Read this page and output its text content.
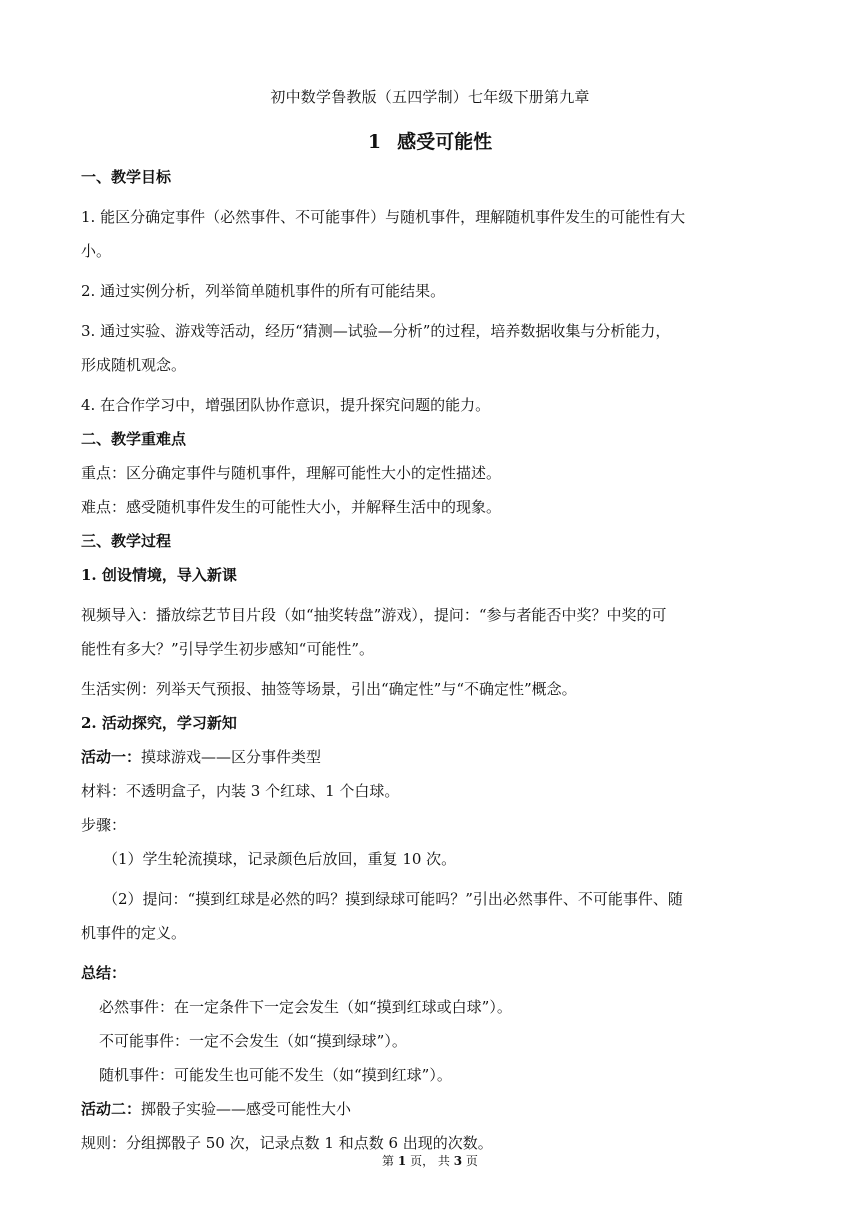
初中数学鲁教版（五四学制）七年级下册第九章
1 感受可能性
一、教学目标
1. 能区分确定事件（必然事件、不可能事件）与随机事件，理解随机事件发生的可能性有大
小。
2. 通过实例分析，列举简单随机事件的所有可能结果。
3. 通过实验、游戏等活动，经历“猜测—试验—分析”的过程，培养数据收集与分析能力，
形成随机观念。
4. 在合作学习中，增强团队协作意识，提升探究问题的能力。
二、教学重难点
重点：区分确定事件与随机事件，理解可能性大小的定性描述。
难点：感受随机事件发生的可能性大小，并解释生活中的现象。
三、教学过程
1. 创设情境，导入新课
视频导入：播放综艺节目片段（如“抽奖转盘”游戏），提问：“参与者能否中奖？中奖的可
能性有多大？”引导学生初步感知“可能性”。
生活实例：列举天气预报、抽签等场景，引出“确定性”与“不确定性”概念。
2. 活动探究，学习新知
活动一：摸球游戏——区分事件类型
材料：不透明盒子，内装 3 个红球、1 个白球。
步骤：
（1）学生轮流摸球，记录颜色后放回，重复 10 次。
（2）提问：“摸到红球是必然的吗？摸到绿球可能吗？”引出必然事件、不可能事件、随
机事件的定义。
总结：
必然事件：在一定条件下一定会发生（如“摸到红球或白球”）。
不可能事件：一定不会发生（如“摸到绿球”）。
随机事件：可能发生也可能不发生（如“摸到红球”）。
活动二：掷骰子实验——感受可能性大小
规则：分组掷骰子 50 次，记录点数 1 和点数 6 出现的次数。
第 1 页， 共 3 页
